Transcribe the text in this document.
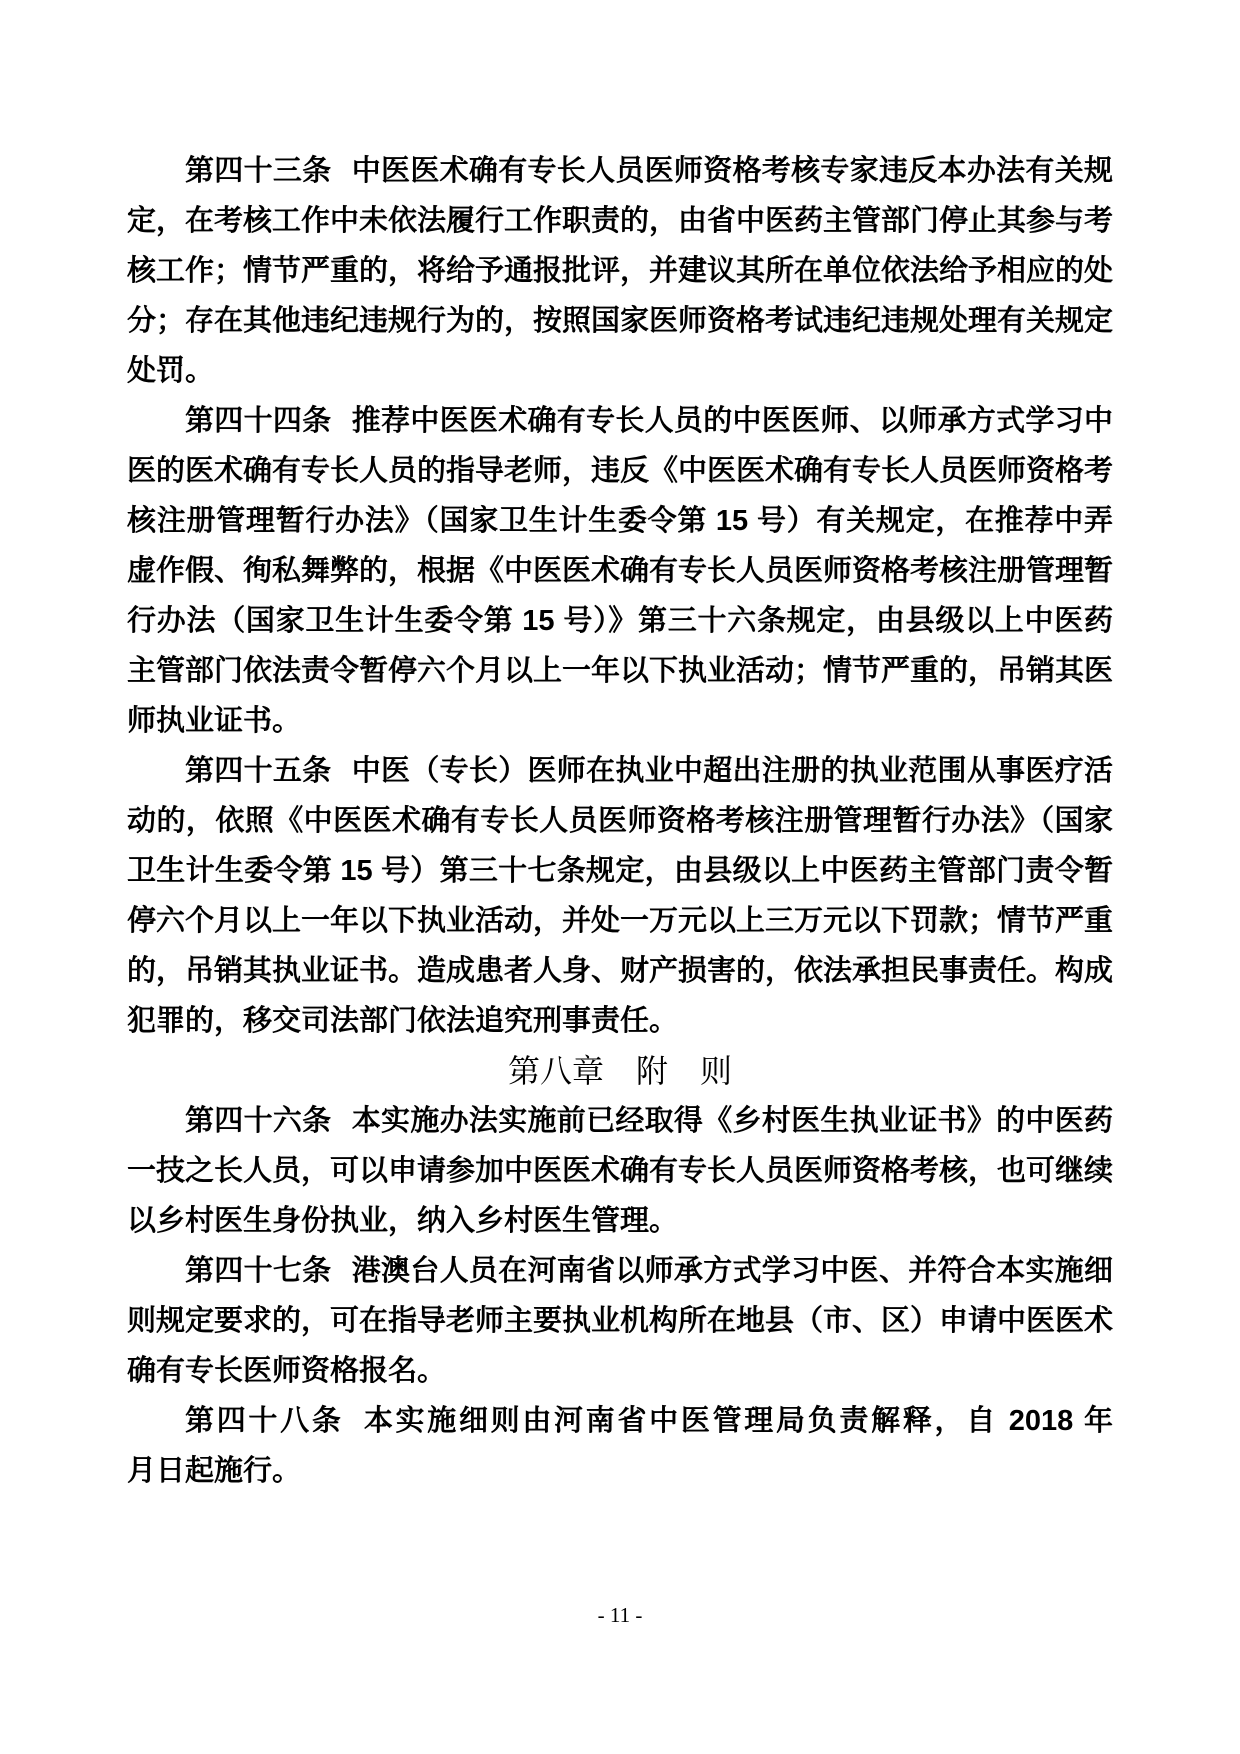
第四十三条 中医医术确有专长人员医师资格考核专家违反本办法有关规定，在考核工作中未依法履行工作职责的，由省中医药主管部门停止其参与考核工作；情节严重的，将给予通报批评，并建议其所在单位依法给予相应的处分；存在其他违纪违规行为的，按照国家医师资格考试违纪违规处理有关规定处罚。

第四十四条 推荐中医医术确有专长人员的中医医师、以师承方式学习中医的医术确有专长人员的指导老师，违反《中医医术确有专长人员医师资格考核注册管理暂行办法》（国家卫生计生委令第 15 号）有关规定，在推荐中弄虚作假、徇私舞弊的，根据《中医医术确有专长人员医师资格考核注册管理暂行办法（国家卫生计生委令第 15 号）》第三十六条规定，由县级以上中医药主管部门依法责令暂停六个月以上一年以下执业活动；情节严重的，吊销其医师执业证书。

第四十五条 中医（专长）医师在执业中超出注册的执业范围从事医疗活动的，依照《中医医术确有专长人员医师资格考核注册管理暂行办法》（国家卫生计生委令第 15 号）第三十七条规定，由县级以上中医药主管部门责令暂停六个月以上一年以下执业活动，并处一万元以上三万元以下罚款；情节严重的，吊销其执业证书。造成患者人身、财产损害的，依法承担民事责任。构成犯罪的，移交司法部门依法追究刑事责任。

第八章　附　则

第四十六条 本实施办法实施前已经取得《乡村医生执业证书》的中医药一技之长人员，可以申请参加中医医术确有专长人员医师资格考核，也可继续以乡村医生身份执业，纳入乡村医生管理。

第四十七条 港澳台人员在河南省以师承方式学习中医、并符合本实施细则规定要求的，可在指导老师主要执业机构所在地县（市、区）申请中医医术确有专长医师资格报名。

第四十八条 本实施细则由河南省中医管理局负责解释，自 2018 年　　月日起施行。

- 11 -
